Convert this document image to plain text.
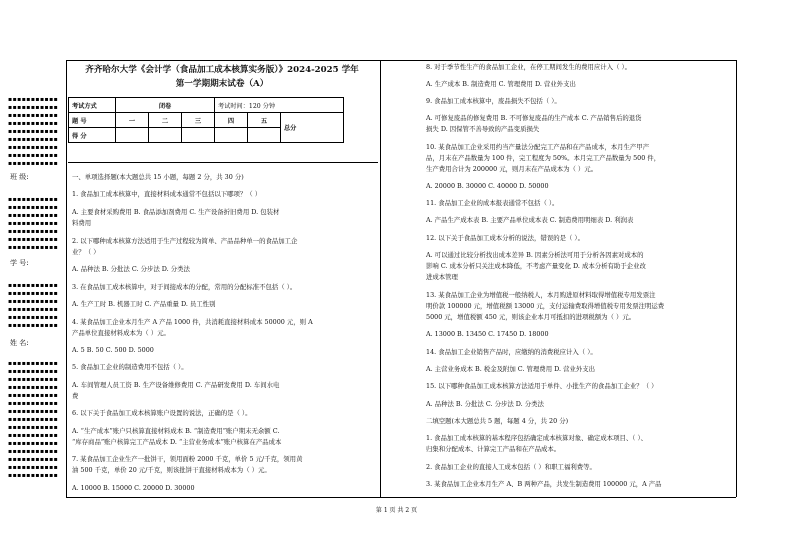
▪▪▪▪▪▪▪▪▪▪▪
▪▪▪▪▪▪▪▪▪▪▪
▪▪▪▪▪▪▪▪▪▪▪
▪▪▪▪▪▪▪▪▪▪▪
▪▪▪▪▪▪▪▪▪▪▪
▪▪▪▪▪▪▪▪▪▪▪
▪▪▪▪▪▪▪▪▪▪▪
▪▪▪▪▪▪▪▪▪▪▪
▪▪▪▪▪▪▪▪▪▪▪
班 级:
▪▪▪▪▪▪▪▪▪▪▪
▪▪▪▪▪▪▪▪▪▪▪
▪▪▪▪▪▪▪▪▪▪▪
▪▪▪▪▪▪▪▪▪▪▪
▪▪▪▪▪▪▪▪▪▪▪
▪▪▪▪▪▪▪▪▪▪▪
▪▪▪▪▪▪▪▪▪▪▪
学 号:
▪▪▪▪▪▪▪▪▪▪▪
▪▪▪▪▪▪▪▪▪▪▪
▪▪▪▪▪▪▪▪▪▪▪
▪▪▪▪▪▪▪▪▪▪▪
▪▪▪▪▪▪▪▪▪▪▪
▪▪▪▪▪▪▪▪▪▪▪
姓 名:
▪▪▪▪▪▪▪▪▪▪▪
▪▪▪▪▪▪▪▪▪▪▪
▪▪▪▪▪▪▪▪▪▪▪
▪▪▪▪▪▪▪▪▪▪▪
▪▪▪▪▪▪▪▪▪▪▪
▪▪▪▪▪▪▪▪▪▪▪
▪▪▪▪▪▪▪▪▪▪▪
▪▪▪▪▪▪▪▪▪▪▪
▪▪▪▪▪▪▪▪▪▪▪
▪▪▪▪▪▪▪▪▪▪▪
▪▪▪▪▪▪▪▪▪▪▪
▪▪▪▪▪▪▪▪▪▪▪
▪▪▪▪▪▪▪▪▪▪▪
▪▪▪▪▪▪▪▪▪▪▪
▪▪▪▪▪▪▪▪▪▪▪
齐齐哈尔大学《会计学（食品加工成本核算实务版）》2024-2025 学年
第一学期期末试卷（A）
考试方式	闭卷			考试时间：120 分钟		
题 号	一	二	三	四	五	总分
得 分						
一、单项选择题(本大题总共 15 小题，每题 2 分，共 30 分)
1. 食品加工成本核算中，直接材料成本通常不包括以下哪项？（ ）
A. 主要食材采购费用 B. 食品添加剂费用 C. 生产设备折旧费用 D. 包装材
料费用
2. 以下哪种成本核算方法适用于生产过程较为简单、产品品种单一的食品加工企
业？（ ）
A. 品种法 B. 分批法 C. 分步法 D. 分类法
3. 在食品加工成本核算中，对于间接成本的分配，常用的分配标准不包括（ ）。
A. 生产工时 B. 机器工时 C. 产品重量 D. 员工性别
4. 某食品加工企业本月生产 A 产品 1000 件，共消耗直接材料成本 50000 元，则 A
产品单位直接材料成本为（ ）元。
A. 5 B. 50 C. 500 D. 5000
5. 食品加工企业的制造费用不包括（ ）。
A. 车间管理人员工资 B. 生产设备维修费用 C. 产品研发费用 D. 车间水电
费
6. 以下关于食品加工成本核算账户设置的说法，正确的是（ ）。
A. “生产成本”账户只核算直接材料成本 B. “制造费用”账户期末无余额 C.
“库存商品”账户核算完工产品成本 D. “主营业务成本”账户核算在产品成本
7. 某食品加工企业生产一批饼干，领用面粉 2000 千克，单价 5 元/千克，领用黄
油 500 千克，单价 20 元/千克，则该批饼干直接材料成本为（ ）元。
A. 10000 B. 15000 C. 20000 D. 30000
8. 对于季节性生产的食品加工企业，在停工期间发生的费用应计入（ ）。
A. 生产成本 B. 制造费用 C. 管理费用 D. 营业外支出
9. 食品加工成本核算中，废品损失不包括（ ）。
A. 可修复废品的修复费用 B. 不可修复废品的生产成本 C. 产品销售后的退货
损失 D. 因保管不善导致的产品变质损失
10. 某食品加工企业采用约当产量法分配完工产品和在产品成本，本月生产甲产
品，月末在产品数量为 100 件，完工程度为 50%。本月完工产品数量为 500 件，
生产费用合计为 200000 元，则月末在产品成本为（ ）元。
A. 20000 B. 30000 C. 40000 D. 50000
11. 食品加工企业的成本报表通常不包括（ ）。
A. 产品生产成本表 B. 主要产品单位成本表 C. 制造费用明细表 D. 利润表
12. 以下关于食品加工成本分析的说法，错误的是（ ）。
A. 可以通过比较分析找出成本差异 B. 因素分析法可用于分析各因素对成本的
影响 C. 成本分析只关注成本降低，不考虑产量变化 D. 成本分析有助于企业改
进成本管理
13. 某食品加工企业为增值税一般纳税人，本月购进原材料取得增值税专用发票注
明价款 100000 元，增值税额 13000 元，支付运输费取得增值税专用发票注明运费
5000 元，增值税额 450 元，则该企业本月可抵扣的进项税额为（ ）元。
A. 13000 B. 13450 C. 17450 D. 18000
14. 食品加工企业销售产品时，应缴纳的消费税应计入（ ）。
A. 主营业务成本 B. 税金及附加 C. 管理费用 D. 营业外支出
15. 以下哪种食品加工成本核算方法适用于单件、小批生产的食品加工企业？（ ）
A. 品种法 B. 分批法 C. 分步法 D. 分类法
二填空题(本大题总共 5 题，每题 4 分，共 20 分)
1. 食品加工成本核算的基本程序包括确定成本核算对象、确定成本项目、（ ）、
归集和分配成本、计算完工产品和在产品成本。
2. 食品加工企业的直接人工成本包括（ ）和职工福利费等。
3. 某食品加工企业本月生产 A、B 两种产品，共发生制造费用 100000 元，A 产品
第 1 页 共 2 页
